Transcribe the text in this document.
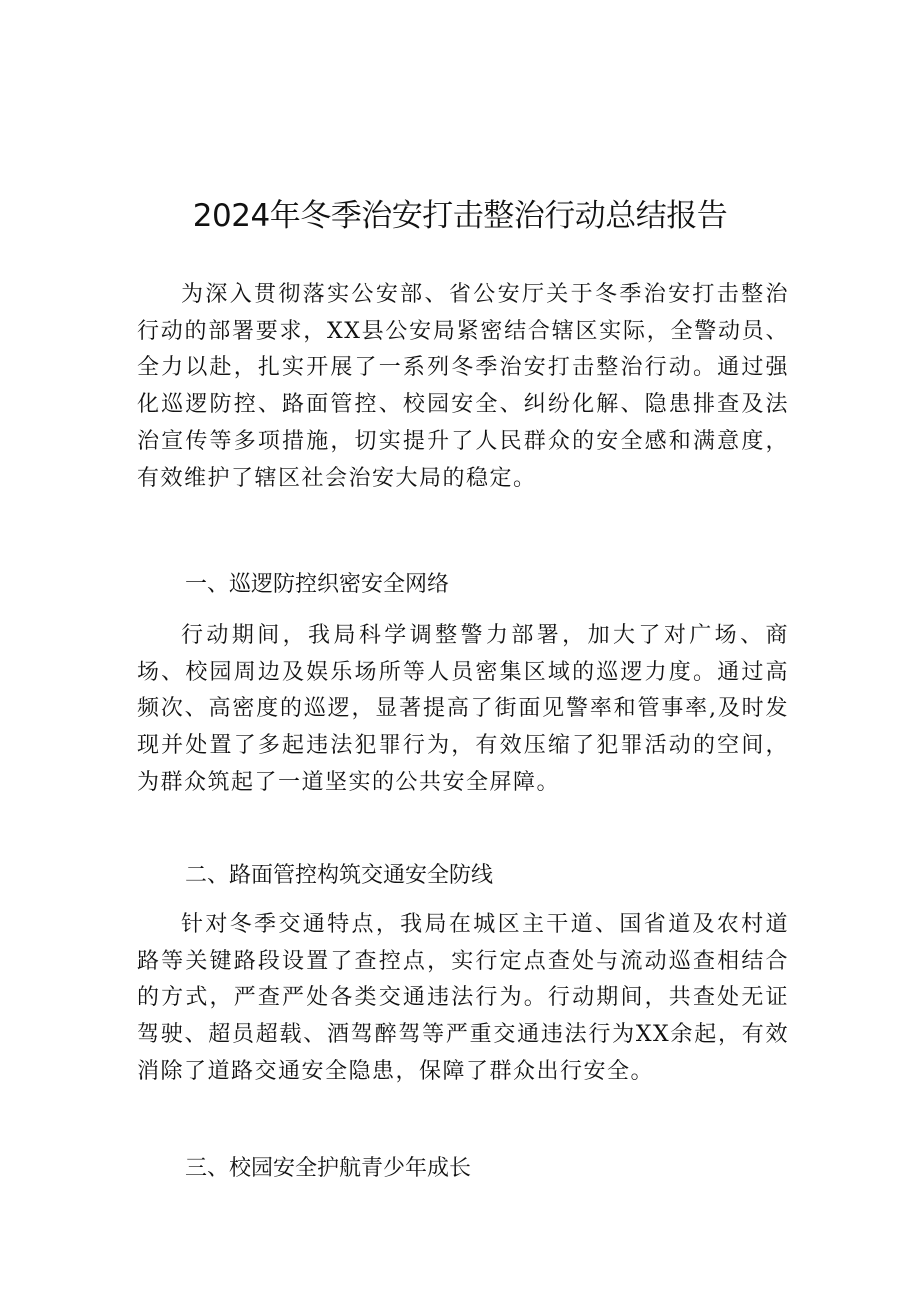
2024年冬季治安打击整治行动总结报告

为深入贯彻落实公安部、省公安厅关于冬季治安打击整治行动的部署要求，XX县公安局紧密结合辖区实际，全警动员、全力以赴，扎实开展了一系列冬季治安打击整治行动。通过强化巡逻防控、路面管控、校园安全、纠纷化解、隐患排查及法治宣传等多项措施，切实提升了人民群众的安全感和满意度，有效维护了辖区社会治安大局的稳定。

一、巡逻防控织密安全网络

行动期间，我局科学调整警力部署，加大了对广场、商场、校园周边及娱乐场所等人员密集区域的巡逻力度。通过高频次、高密度的巡逻，显著提高了街面见警率和管事率,及时发现并处置了多起违法犯罪行为，有效压缩了犯罪活动的空间，为群众筑起了一道坚实的公共安全屏障。

二、路面管控构筑交通安全防线

针对冬季交通特点，我局在城区主干道、国省道及农村道路等关键路段设置了查控点，实行定点查处与流动巡查相结合的方式，严查严处各类交通违法行为。行动期间，共查处无证驾驶、超员超载、酒驾醉驾等严重交通违法行为XX余起，有效消除了道路交通安全隐患，保障了群众出行安全。

三、校园安全护航青少年成长
